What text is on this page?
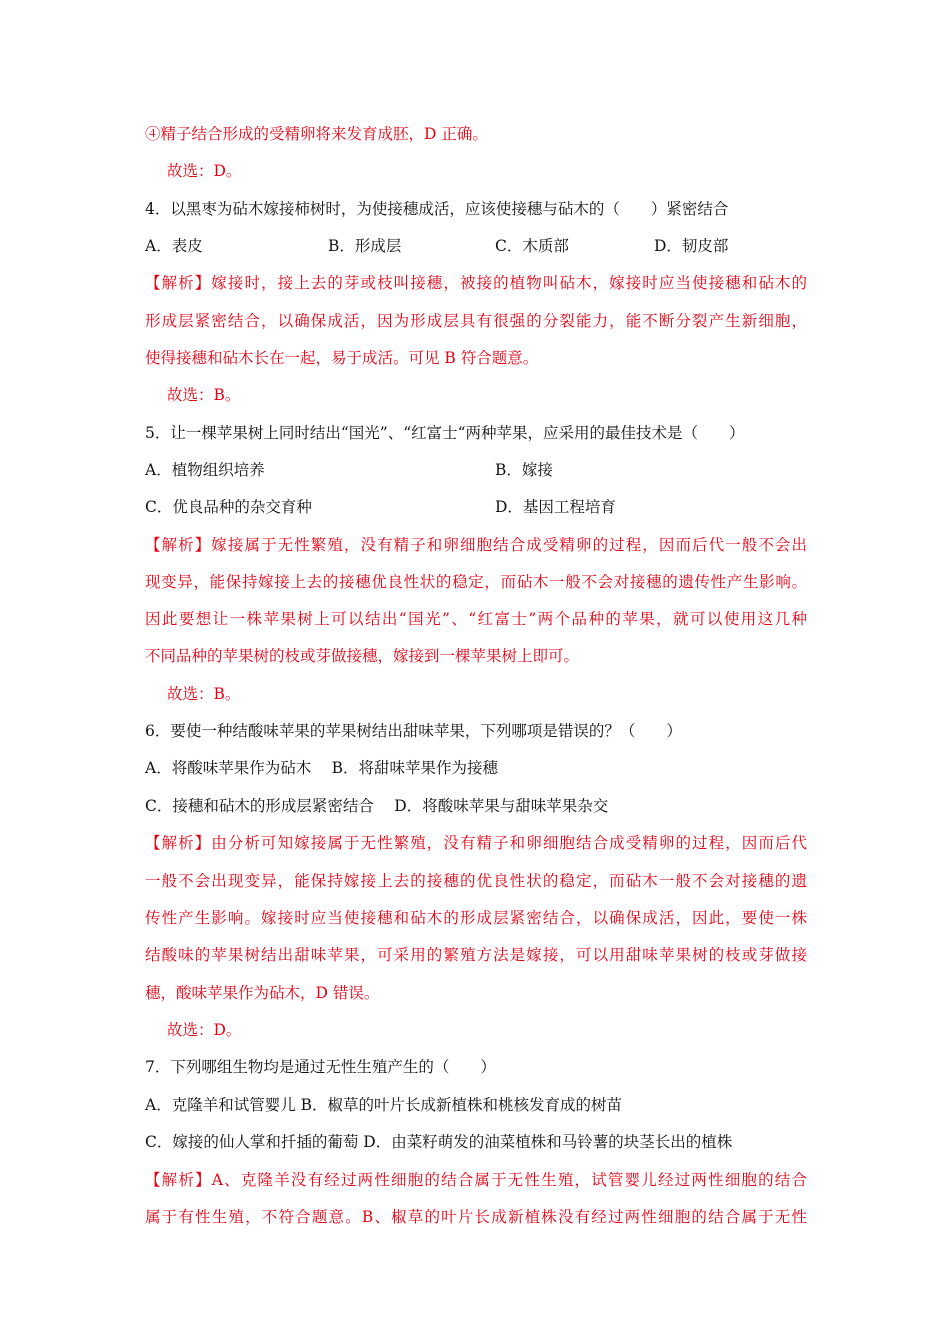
④精子结合形成的受精卵将来发育成胚，D 正确。
故选：D。
4．以黑枣为砧木嫁接柿树时，为使接穗成活，应该使接穗与砧木的（　　）紧密结合
A．表皮	B．形成层	C．木质部	D．韧皮部
【解析】嫁接时，接上去的芽或枝叫接穗，被接的植物叫砧木，嫁接时应当使接穗和砧木的
形成层紧密结合，以确保成活，因为形成层具有很强的分裂能力，能不断分裂产生新细胞，
使得接穗和砧木长在一起，易于成活。可见 B 符合题意。
故选：B。
5．让一棵苹果树上同时结出“国光”、“红富士“两种苹果，应采用的最佳技术是（　　）
A．植物组织培养	B．嫁接
C．优良品种的杂交育种	D．基因工程培育
【解析】嫁接属于无性繁殖，没有精子和卵细胞结合成受精卵的过程，因而后代一般不会出
现变异，能保持嫁接上去的接穗优良性状的稳定，而砧木一般不会对接穗的遗传性产生影响。
因此要想让一株苹果树上可以结出“国光”、“红富士”两个品种的苹果，就可以使用这几种
不同品种的苹果树的枝或芽做接穗，嫁接到一棵苹果树上即可。
故选：B。
6．要使一种结酸味苹果的苹果树结出甜味苹果，下列哪项是错误的？（　　）
A．将酸味苹果作为砧木　 B．将甜味苹果作为接穗
C．接穗和砧木的形成层紧密结合　 D．将酸味苹果与甜味苹果杂交
【解析】由分析可知嫁接属于无性繁殖，没有精子和卵细胞结合成受精卵的过程，因而后代
一般不会出现变异，能保持嫁接上去的接穗的优良性状的稳定，而砧木一般不会对接穗的遗
传性产生影响。嫁接时应当使接穗和砧木的形成层紧密结合，以确保成活，因此，要使一株
结酸味的苹果树结出甜味苹果，可采用的繁殖方法是嫁接，可以用甜味苹果树的枝或芽做接
穗，酸味苹果作为砧木，D 错误。
故选：D。
7．下列哪组生物均是通过无性生殖产生的（　　）
A．克隆羊和试管婴儿 B．椒草的叶片长成新植株和桃核发育成的树苗
C．嫁接的仙人掌和扦插的葡萄 D．由菜籽萌发的油菜植株和马铃薯的块茎长出的植株
【解析】A、克隆羊没有经过两性细胞的结合属于无性生殖，试管婴儿经过两性细胞的结合
属于有性生殖，不符合题意。B、椒草的叶片长成新植株没有经过两性细胞的结合属于无性
